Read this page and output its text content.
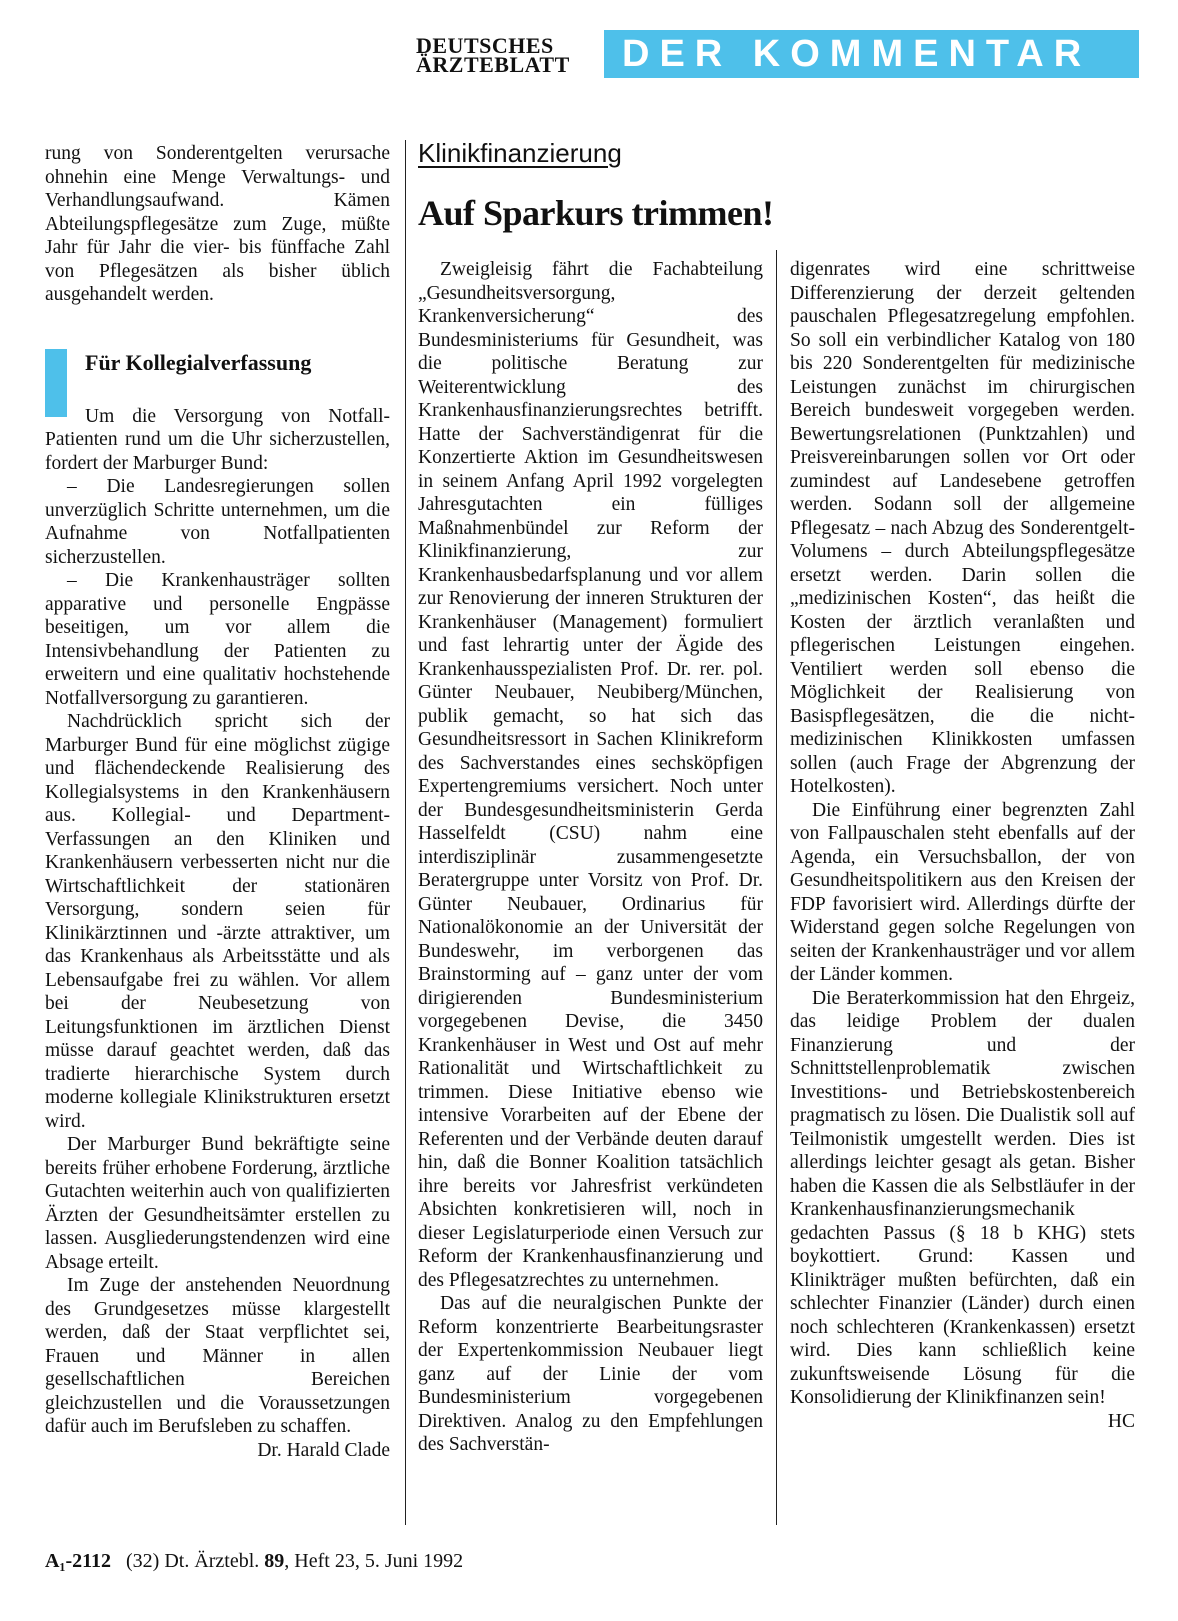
DEUTSCHES
ÄRZTEBLATT	DER KOMMENTAR

rung von Sonderentgelten verursache ohnehin eine Menge Verwaltungs- und Verhandlungsaufwand. Kämen Abteilungspflegesätze zum Zuge, müßte Jahr für Jahr die vier- bis fünffache Zahl von Pflegesätzen als bisher üblich ausgehandelt werden.

Für Kollegialverfassung

Um die Versorgung von Notfall-Patienten rund um die Uhr sicherzustellen, fordert der Marburger Bund:

– Die Landesregierungen sollen unverzüglich Schritte unternehmen, um die Aufnahme von Notfallpatienten sicherzustellen.

– Die Krankenhausträger sollten apparative und personelle Engpässe beseitigen, um vor allem die Intensivbehandlung der Patienten zu erweitern und eine qualitativ hochstehende Notfallversorgung zu garantieren.

Nachdrücklich spricht sich der Marburger Bund für eine möglichst zügige und flächendeckende Realisierung des Kollegialsystems in den Krankenhäusern aus. Kollegial- und Department-Verfassungen an den Kliniken und Krankenhäusern verbesserten nicht nur die Wirtschaftlichkeit der stationären Versorgung, sondern seien für Klinikärztinnen und -ärzte attraktiver, um das Krankenhaus als Arbeitsstätte und als Lebensaufgabe frei zu wählen. Vor allem bei der Neubesetzung von Leitungsfunktionen im ärztlichen Dienst müsse darauf geachtet werden, daß das tradierte hierarchische System durch moderne kollegiale Klinikstrukturen ersetzt wird.

Der Marburger Bund bekräftigte seine bereits früher erhobene Forderung, ärztliche Gutachten weiterhin auch von qualifizierten Ärzten der Gesundheitsämter erstellen zu lassen. Ausgliederungstendenzen wird eine Absage erteilt.

Im Zuge der anstehenden Neuordnung des Grundgesetzes müsse klargestellt werden, daß der Staat verpflichtet sei, Frauen und Männer in allen gesellschaftlichen Bereichen gleichzustellen und die Voraussetzungen dafür auch im Berufsleben zu schaffen.
Dr. Harald Clade

Klinikfinanzierung
Auf Sparkurs trimmen!

Zweigleisig fährt die Fachabteilung „Gesundheitsversorgung, Krankenversicherung“ des Bundesministeriums für Gesundheit, was die politische Beratung zur Weiterentwicklung des Krankenhausfinanzierungsrechtes betrifft. Hatte der Sachverständigenrat für die Konzertierte Aktion im Gesundheitswesen in seinem Anfang April 1992 vorgelegten Jahresgutachten ein fülliges Maßnahmenbündel zur Reform der Klinikfinanzierung, zur Krankenhausbedarfsplanung und vor allem zur Renovierung der inneren Strukturen der Krankenhäuser (Management) formuliert und fast lehrartig unter der Ägide des Krankenhausspezialisten Prof. Dr. rer. pol. Günter Neubauer, Neubiberg/München, publik gemacht, so hat sich das Gesundheitsressort in Sachen Klinikreform des Sachverstandes eines sechsköpfigen Expertengremiums versichert. Noch unter der Bundesgesundheitsministerin Gerda Hasselfeldt (CSU) nahm eine interdisziplinär zusammengesetzte Beratergruppe unter Vorsitz von Prof. Dr. Günter Neubauer, Ordinarius für Nationalökonomie an der Universität der Bundeswehr, im verborgenen das Brainstorming auf – ganz unter der vom dirigierenden Bundesministerium vorgegebenen Devise, die 3450 Krankenhäuser in West und Ost auf mehr Rationalität und Wirtschaftlichkeit zu trimmen. Diese Initiative ebenso wie intensive Vorarbeiten auf der Ebene der Referenten und der Verbände deuten darauf hin, daß die Bonner Koalition tatsächlich ihre bereits vor Jahresfrist verkündeten Absichten konkretisieren will, noch in dieser Legislaturperiode einen Versuch zur Reform der Krankenhausfinanzierung und des Pflegesatzrechtes zu unternehmen.

Das auf die neuralgischen Punkte der Reform konzentrierte Bearbeitungsraster der Expertenkommission Neubauer liegt ganz auf der Linie der vom Bundesministerium vorgegebenen Direktiven. Analog zu den Empfehlungen des Sachverstän-

digenrates wird eine schrittweise Differenzierung der derzeit geltenden pauschalen Pflegesatzregelung empfohlen. So soll ein verbindlicher Katalog von 180 bis 220 Sonderentgelten für medizinische Leistungen zunächst im chirurgischen Bereich bundesweit vorgegeben werden. Bewertungsrelationen (Punktzahlen) und Preisvereinbarungen sollen vor Ort oder zumindest auf Landesebene getroffen werden. Sodann soll der allgemeine Pflegesatz – nach Abzug des Sonderentgelt-Volumens – durch Abteilungspflegesätze ersetzt werden. Darin sollen die „medizinischen Kosten“, das heißt die Kosten der ärztlich veranlaßten und pflegerischen Leistungen eingehen. Ventiliert werden soll ebenso die Möglichkeit der Realisierung von Basispflegesätzen, die die nicht-medizinischen Klinikkosten umfassen sollen (auch Frage der Abgrenzung der Hotelkosten).

Die Einführung einer begrenzten Zahl von Fallpauschalen steht ebenfalls auf der Agenda, ein Versuchsballon, der von Gesundheitspolitikern aus den Kreisen der FDP favorisiert wird. Allerdings dürfte der Widerstand gegen solche Regelungen von seiten der Krankenhausträger und vor allem der Länder kommen.

Die Beraterkommission hat den Ehrgeiz, das leidige Problem der dualen Finanzierung und der Schnittstellenproblematik zwischen Investitions- und Betriebskostenbereich pragmatisch zu lösen. Die Dualistik soll auf Teilmonistik umgestellt werden. Dies ist allerdings leichter gesagt als getan. Bisher haben die Kassen die als Selbstläufer in der Krankenhausfinanzierungsmechanik gedachten Passus (§ 18 b KHG) stets boykottiert. Grund: Kassen und Klinikträger mußten befürchten, daß ein schlechter Finanzier (Länder) durch einen noch schlechteren (Krankenkassen) ersetzt wird. Dies kann schließlich keine zukunftsweisende Lösung für die Konsolidierung der Klinikfinanzen sein!
HC

A₁-2112 (32) Dt. Ärztebl. 89, Heft 23, 5. Juni 1992
